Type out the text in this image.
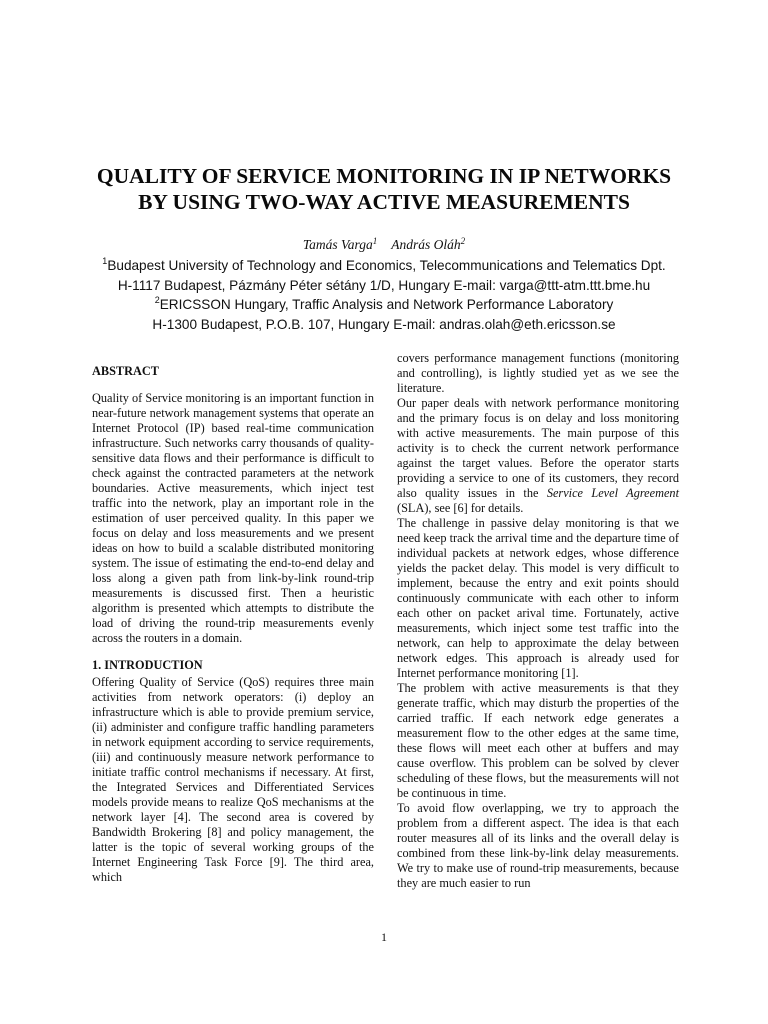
QUALITY OF SERVICE MONITORING IN IP NETWORKS
BY USING TWO-WAY ACTIVE MEASUREMENTS
Tamás Varga$^1$ András Oláh$^2$
$^1$Budapest University of Technology and Economics, Telecommunications and Telematics Dpt.
H-1117 Budapest, Pázmány Péter sétány 1/D, Hungary E-mail: varga@ttt-atm.ttt.bme.hu
$^2$ERICSSON Hungary, Traffic Analysis and Network Performance Laboratory
H-1300 Budapest, P.O.B. 107, Hungary E-mail: andras.olah@eth.ericsson.se
ABSTRACT

Quality of Service monitoring is an important function in near-future network management systems that operate an Internet Protocol (IP) based real-time communication infrastructure. Such networks carry thousands of quality-sensitive data flows and their performance is difficult to check against the contracted parameters at the network boundaries. Active measurements, which inject test traffic into the network, play an important role in the estimation of user perceived quality. In this paper we focus on delay and loss measurements and we present ideas on how to build a scalable distributed monitoring system. The issue of estimating the end-to-end delay and loss along a given path from link-by-link round-trip measurements is discussed first. Then a heuristic algorithm is presented which attempts to distribute the load of driving the round-trip measurements evenly across the routers in a domain.

1. INTRODUCTION

Offering Quality of Service (QoS) requires three main activities from network operators: (i) deploy an infrastructure which is able to provide premium service, (ii) administer and configure traffic handling parameters in network equipment according to service requirements, (iii) and continuously measure network performance to initiate traffic control mechanisms if necessary. At first, the Integrated Services and Differentiated Services models provide means to realize QoS mechanisms at the network layer [4]. The second area is covered by Bandwidth Brokering [8] and policy management, the latter is the topic of several working groups of the Internet Engineering Task Force [9]. The third area, which

covers performance management functions (monitoring and controlling), is lightly studied yet as we see the literature.

Our paper deals with network performance monitoring and the primary focus is on delay and loss monitoring with active measurements. The main purpose of this activity is to check the current network performance against the target values. Before the operator starts providing a service to one of its customers, they record also quality issues in the Service Level Agreement (SLA), see [6] for details.

The challenge in passive delay monitoring is that we need keep track the arrival time and the departure time of individual packets at network edges, whose difference yields the packet delay. This model is very difficult to implement, because the entry and exit points should continuously communicate with each other to inform each other on packet arival time. Fortunately, active measurements, which inject some test traffic into the network, can help to approximate the delay between network edges. This approach is already used for Internet performance monitoring [1].

The problem with active measurements is that they generate traffic, which may disturb the properties of the carried traffic. If each network edge generates a measurement flow to the other edges at the same time, these flows will meet each other at buffers and may cause overflow. This problem can be solved by clever scheduling of these flows, but the measurements will not be continuous in time.

To avoid flow overlapping, we try to approach the problem from a different aspect. The idea is that each router measures all of its links and the overall delay is combined from these link-by-link delay measurements. We try to make use of round-trip measurements, because they are much easier to run

1
